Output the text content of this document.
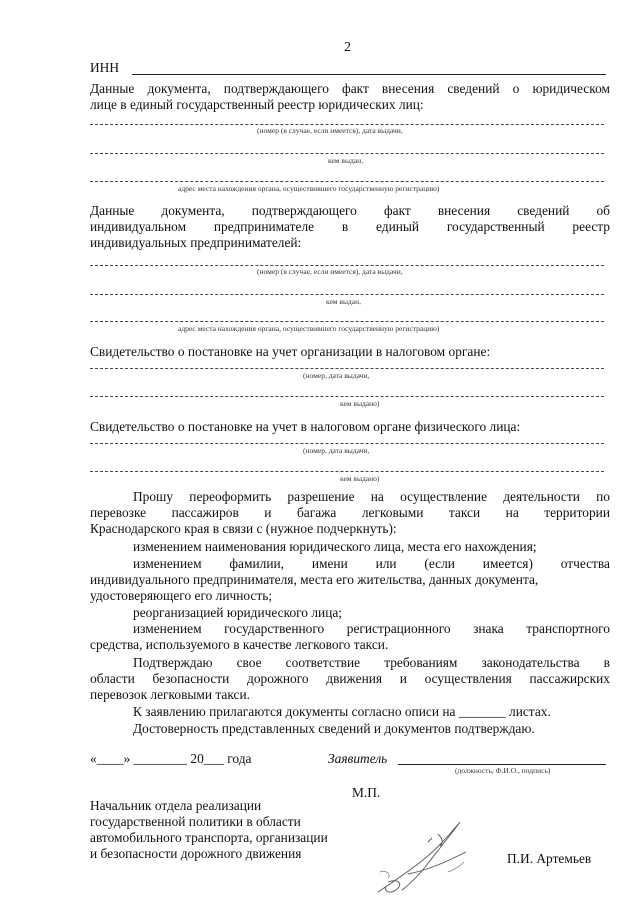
2
ИНН
Данные документа, подтверждающего факт внесения сведений о юридическом
лице в единый государственный реестр юридических лиц:
(номер (в случае, если имеется), дата выдачи,
кем выдан,
адрес места нахождения органа, осуществившего государственную регистрацию)
Данные документа, подтверждающего факт внесения сведений об
индивидуальном предпринимателе в единый государственный реестр
индивидуальных предпринимателей:
(номер (в случае, если имеется), дата выдачи,
кем выдан,
адрес места нахождения органа, осуществившего государственную регистрацию)
Свидетельство о постановке на учет организации в налоговом органе:
(номер, дата выдачи,
кем выдано)
Свидетельство о постановке на учет в налоговом органе физического лица:
(номер, дата выдачи,
кем выдано)
Прошу переоформить разрешение на осуществление деятельности по
перевозке пассажиров и багажа легковыми такси на территории
Краснодарского края в связи с (нужное подчеркнуть):
изменением наименования юридического лица, места его нахождения;
изменением фамилии, имени или (если имеется) отчества
индивидуального предпринимателя, места его жительства, данных документа,
удостоверяющего его личность;
реорганизацией юридического лица;
изменением государственного регистрационного знака транспортного
средства, используемого в качестве легкового такси.
Подтверждаю свое соответствие требованиям законодательства в
области безопасности дорожного движения и осуществления пассажирских
перевозок легковыми такси.
К заявлению прилагаются документы согласно описи на _______ листах.
Достоверность представленных сведений и документов подтверждаю.
«____» ________ 20___ года	Заявитель
(должность, Ф.И.О., подпись)
М.П.
Начальник отдела реализации
государственной политики в области
автомобильного транспорта, организации
и безопасности дорожного движения	П.И. Артемьев
